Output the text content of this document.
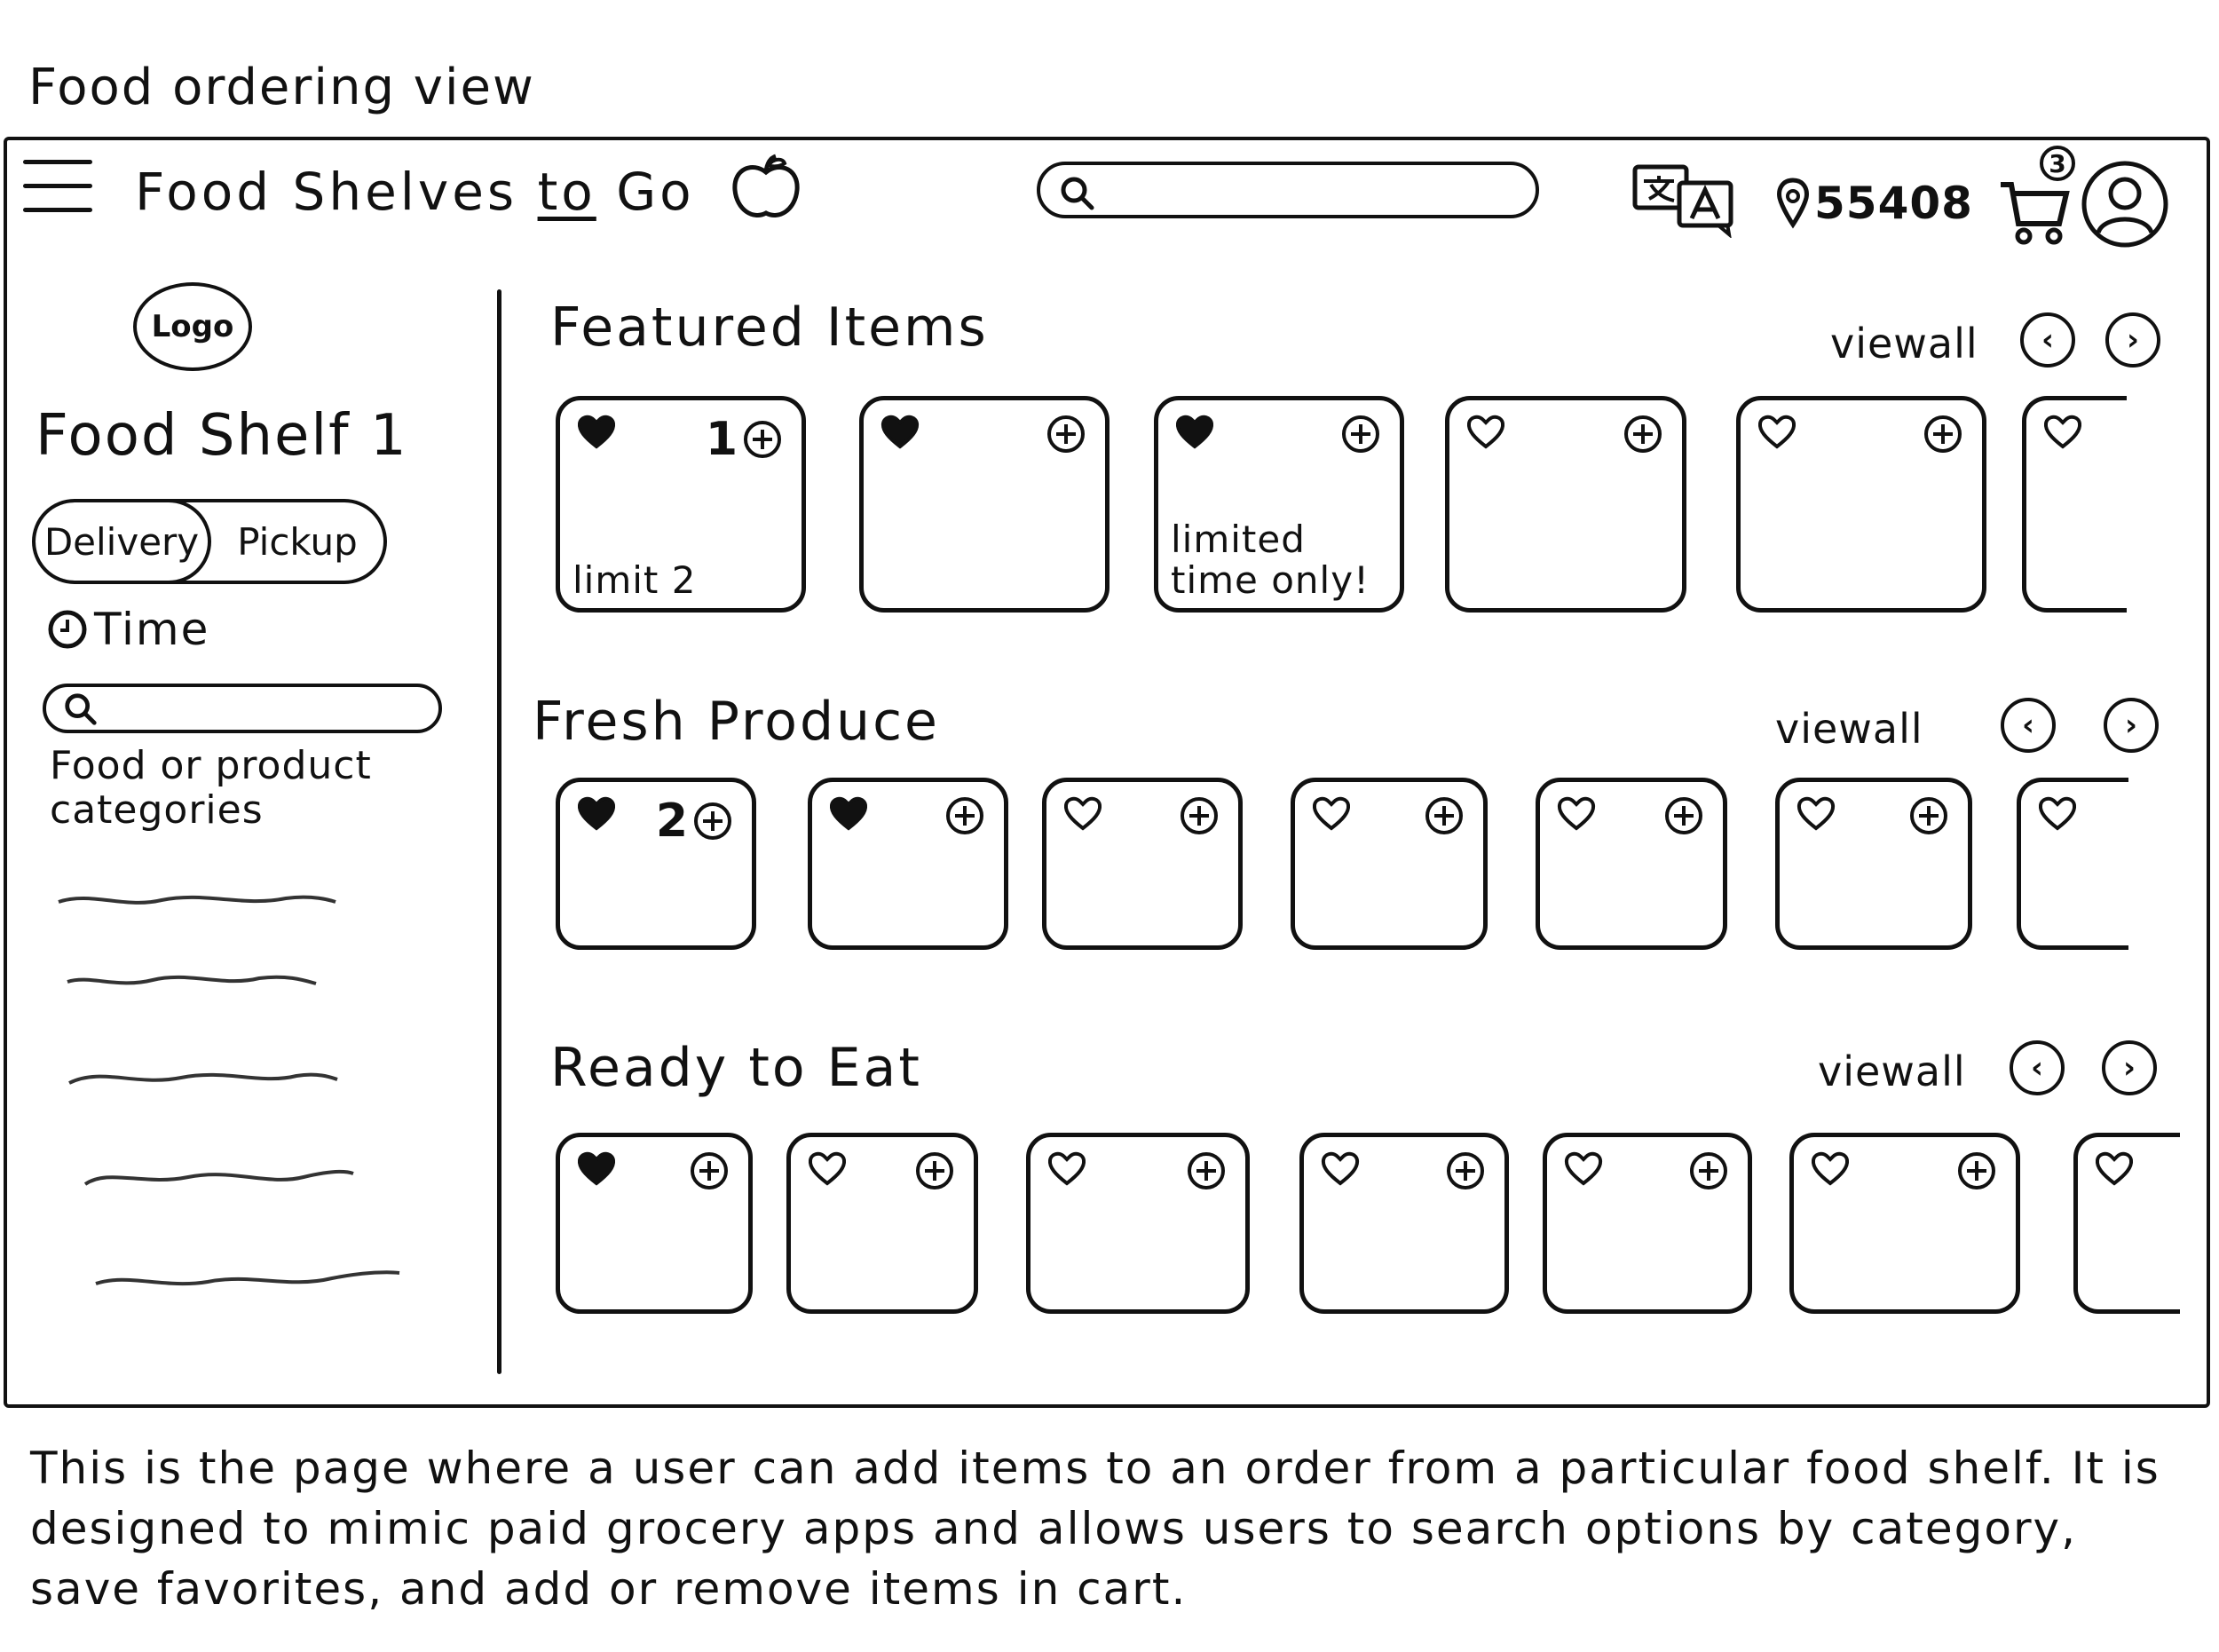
Food ordering view
Food Shelves to Go	55408
3
Logo
Food Shelf 1
Delivery	Pickup
Time
Food or product categories
Featured Items	viewall ‹ ›
1
limit 2
limited time only!
Fresh Produce	viewall	‹	›
2
Ready to Eat	viewall ‹	›
This is the page where a user can add items to an order from a particular food shelf. It is designed to mimic paid grocery apps and allows users to search options by category, save favorites, and add or remove items in cart.
